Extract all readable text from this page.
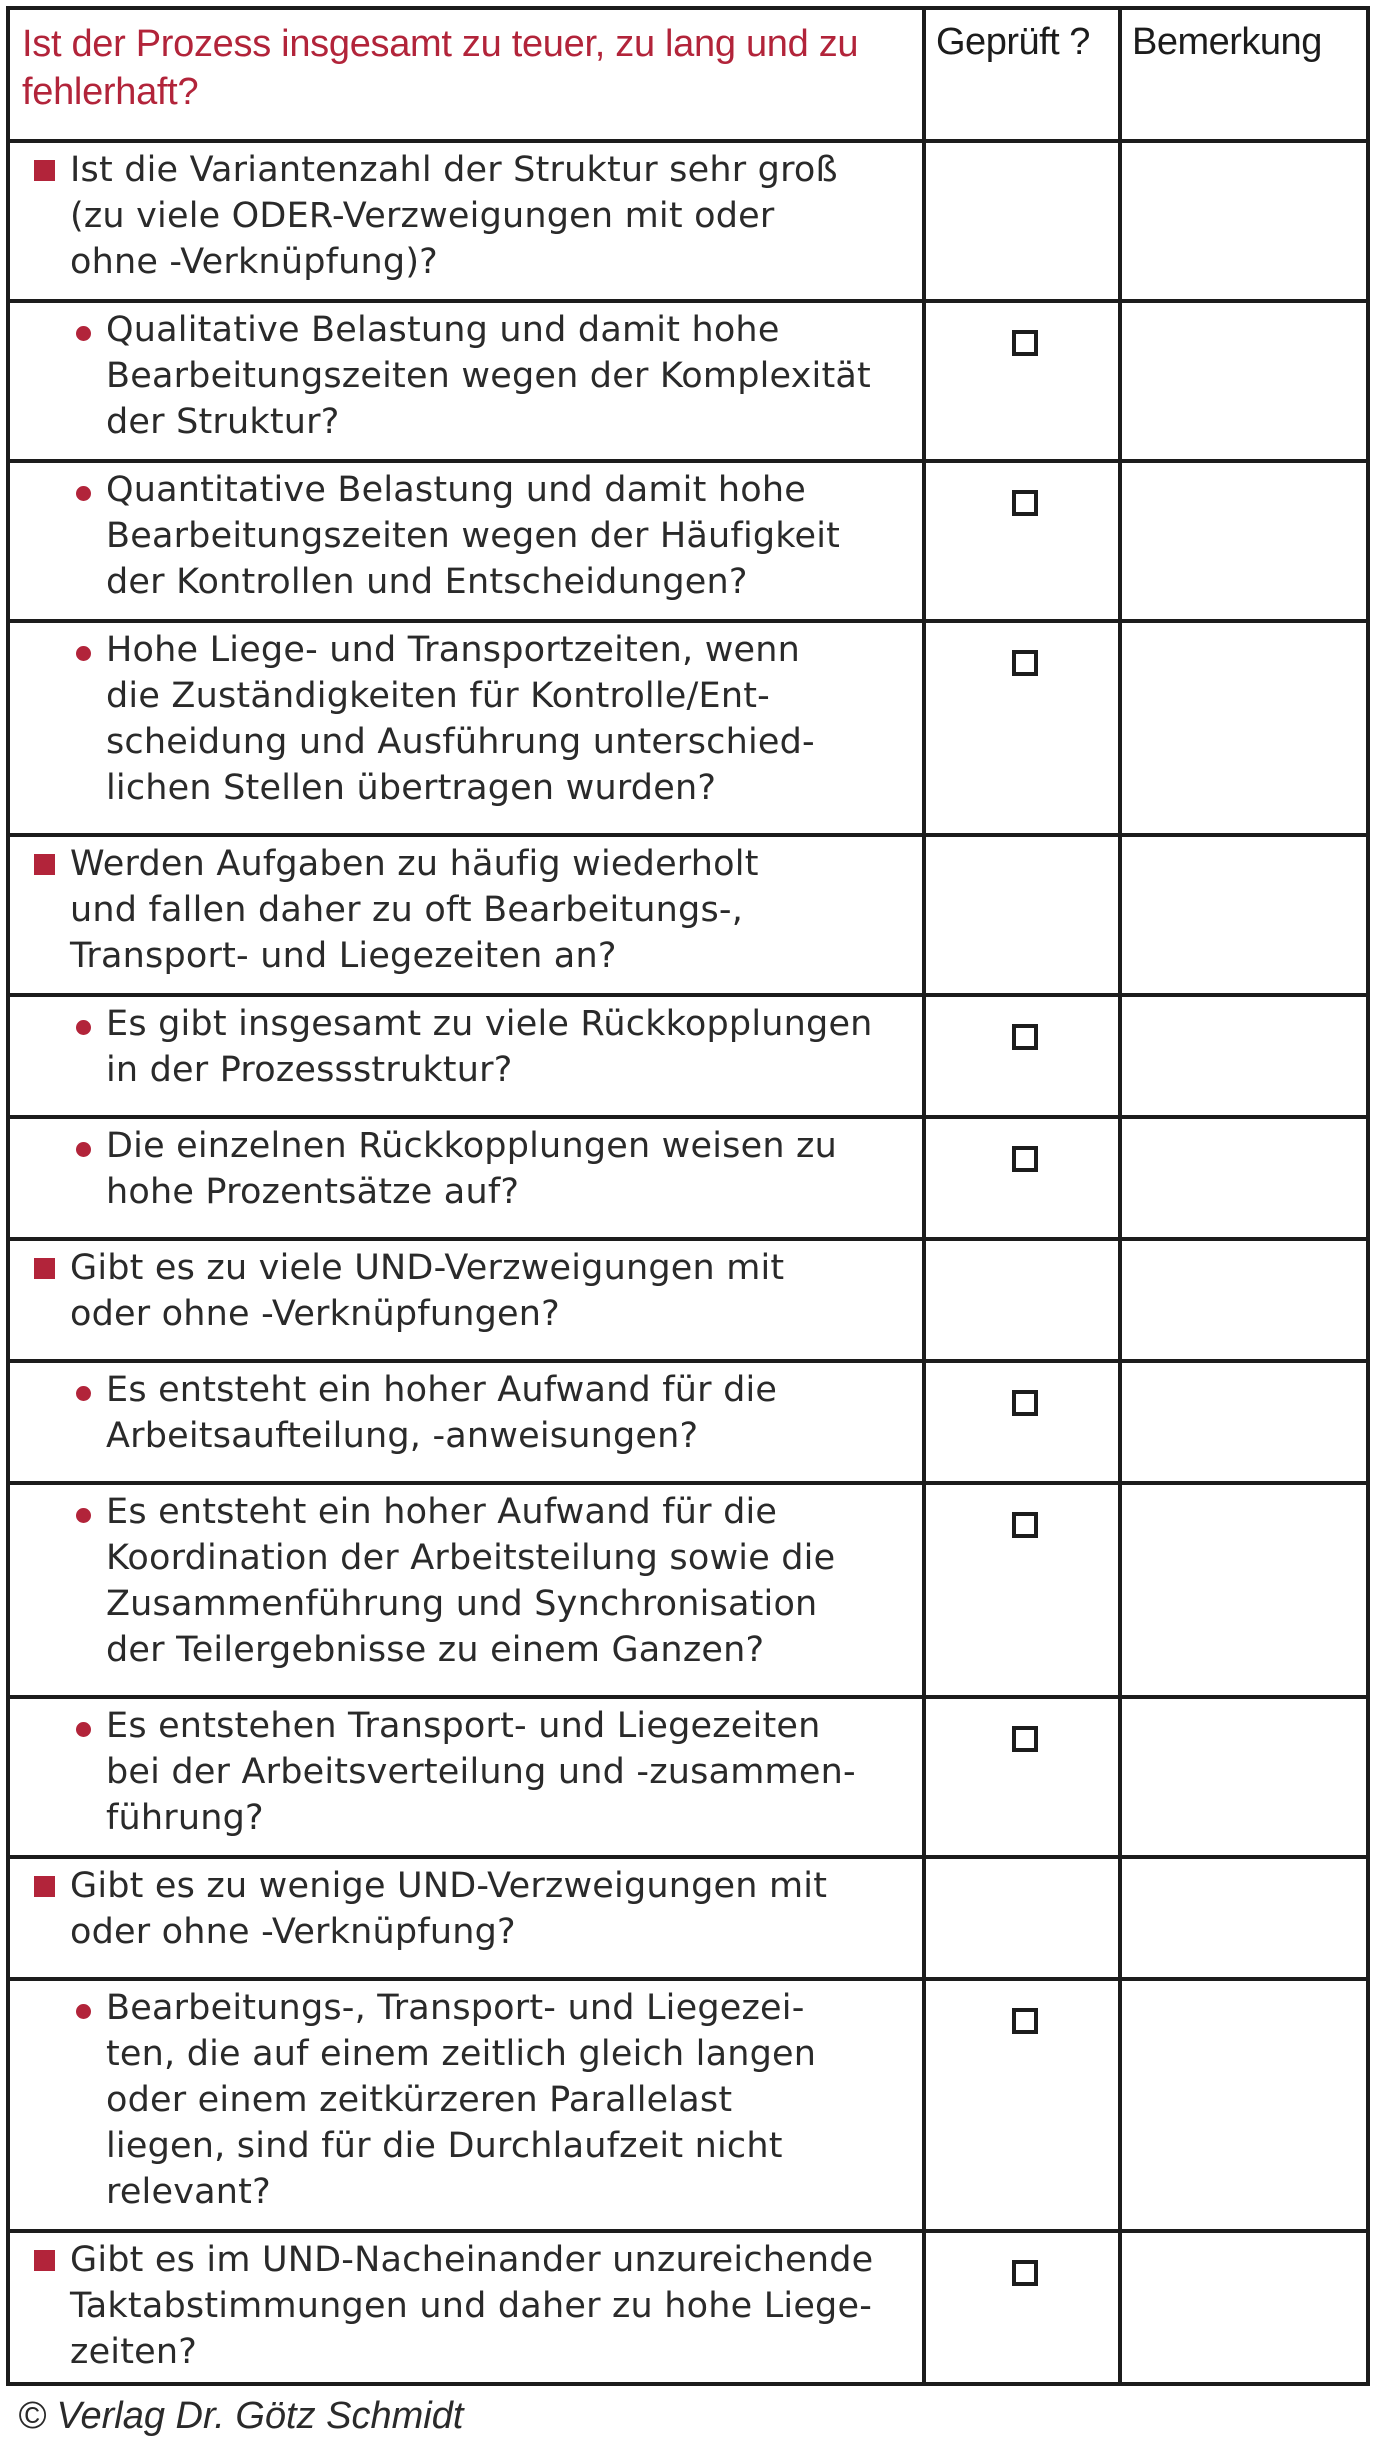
Ist der Prozess insgesamt zu teuer, zu lang und zu
fehlerhaft?
Geprüft ?	Bemerkung
Ist die Variantenzahl der Struktur sehr groß
(zu viele ODER-Verzweigungen mit oder
ohne -Verknüpfung)?
Qualitative Belastung und damit hohe
Bearbeitungszeiten wegen der Komplexität
der Struktur?
Quantitative Belastung und damit hohe
Bearbeitungszeiten wegen der Häufigkeit
der Kontrollen und Entscheidungen?
Hohe Liege- und Transportzeiten, wenn
die Zuständigkeiten für Kontrolle/Ent-
scheidung und Ausführung unterschied-
lichen Stellen übertragen wurden?
Werden Aufgaben zu häufig wiederholt
und fallen daher zu oft Bearbeitungs-,
Transport- und Liegezeiten an?
Es gibt insgesamt zu viele Rückkopplungen
in der Prozessstruktur?
Die einzelnen Rückkopplungen weisen zu
hohe Prozentsätze auf?
Gibt es zu viele UND-Verzweigungen mit
oder ohne -Verknüpfungen?
Es entsteht ein hoher Aufwand für die
Arbeitsaufteilung, -anweisungen?
Es entsteht ein hoher Aufwand für die
Koordination der Arbeitsteilung sowie die
Zusammenführung und Synchronisation
der Teilergebnisse zu einem Ganzen?
Es entstehen Transport- und Liegezeiten
bei der Arbeitsverteilung und -zusammen-
führung?
Gibt es zu wenige UND-Verzweigungen mit
oder ohne -Verknüpfung?
Bearbeitungs-, Transport- und Liegezei-
ten, die auf einem zeitlich gleich langen
oder einem zeitkürzeren Parallelast
liegen, sind für die Durchlaufzeit nicht
relevant?
Gibt es im UND-Nacheinander unzureichende
Taktabstimmungen und daher zu hohe Liege-
zeiten?
© Verlag Dr. Götz Schmidt
